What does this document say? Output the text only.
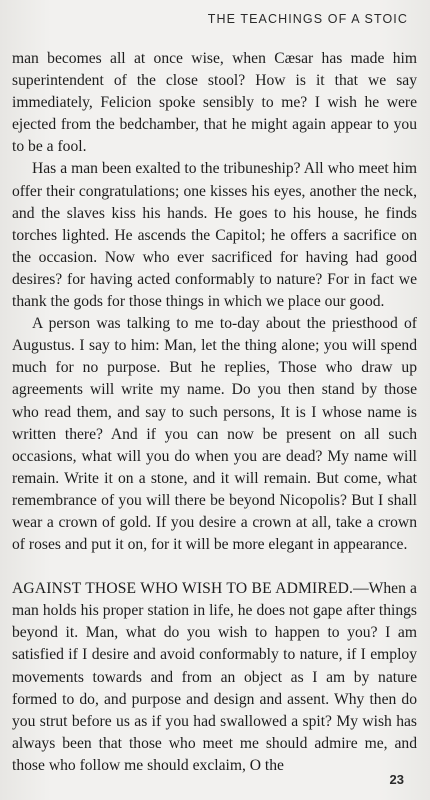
THE TEACHINGS OF A STOIC

man becomes all at once wise, when Cæsar has made him superintendent of the close stool? How is it that we say immediately, Felicion spoke sensibly to me? I wish he were ejected from the bedchamber, that he might again appear to you to be a fool.

Has a man been exalted to the tribuneship? All who meet him offer their congratulations; one kisses his eyes, another the neck, and the slaves kiss his hands. He goes to his house, he finds torches lighted. He ascends the Capitol; he offers a sacrifice on the occasion. Now who ever sacrificed for having had good desires? for having acted conformably to nature? For in fact we thank the gods for those things in which we place our good.

A person was talking to me to-day about the priesthood of Augustus. I say to him: Man, let the thing alone; you will spend much for no purpose. But he replies, Those who draw up agreements will write my name. Do you then stand by those who read them, and say to such persons, It is I whose name is written there? And if you can now be present on all such occasions, what will you do when you are dead? My name will remain. Write it on a stone, and it will remain. But come, what remembrance of you will there be beyond Nicopolis? But I shall wear a crown of gold. If you desire a crown at all, take a crown of roses and put it on, for it will be more elegant in appearance.

AGAINST THOSE WHO WISH TO BE ADMIRED.—When a man holds his proper station in life, he does not gape after things beyond it. Man, what do you wish to happen to you? I am satisfied if I desire and avoid conformably to nature, if I employ movements towards and from an object as I am by nature formed to do, and purpose and design and assent. Why then do you strut before us as if you had swallowed a spit? My wish has always been that those who meet me should admire me, and those who follow me should exclaim, O the

23
